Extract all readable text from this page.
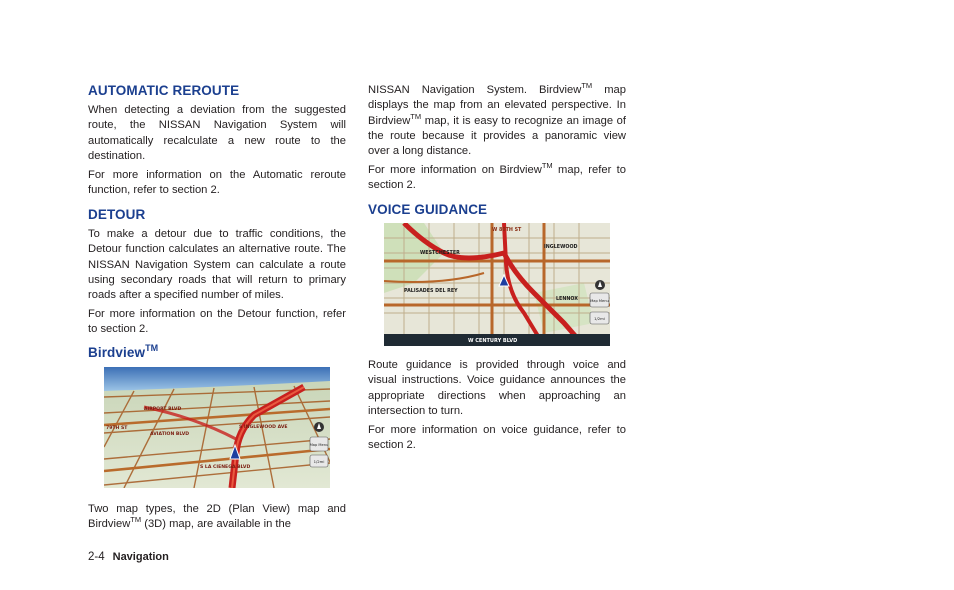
AUTOMATIC REROUTE

When detecting a deviation from the suggested route, the NISSAN Navigation System will automatically recalculate a new route to the destination.

For more information on the Automatic reroute function, refer to section 2.

DETOUR

To make a detour due to traffic conditions, the Detour function calculates an alternative route. The NISSAN Navigation System can calculate a route using secondary roads that will return to primary roads after a specified number of miles.

For more information on the Detour function, refer to section 2.

Birdview™
AIRPORT BLVD
AVIATION BLVD
S INGLEWOOD AVE
S LA CIENEGA BLVD
79TH ST
Map Menu
1/2mi

Two map types, the 2D (Plan View) map and Birdview™ (3D) map, are available in the

NISSAN Navigation System. Birdview™ map displays the map from an elevated perspective. In Birdview™ map, it is easy to recognize an image of the route because it provides a panoramic view over a long distance.

For more information on Birdview™ map, refer to section 2.

VOICE GUIDANCE
WESTCHESTER
INGLEWOOD
PALISADES DEL REY
LENNOX
W 80TH ST
W CENTURY BLVD
Map Menu
1/2mi

Route guidance is provided through voice and visual instructions. Voice guidance announces the appropriate directions when approaching an intersection to turn.

For more information on voice guidance, refer to section 2.

2-4 Navigation
